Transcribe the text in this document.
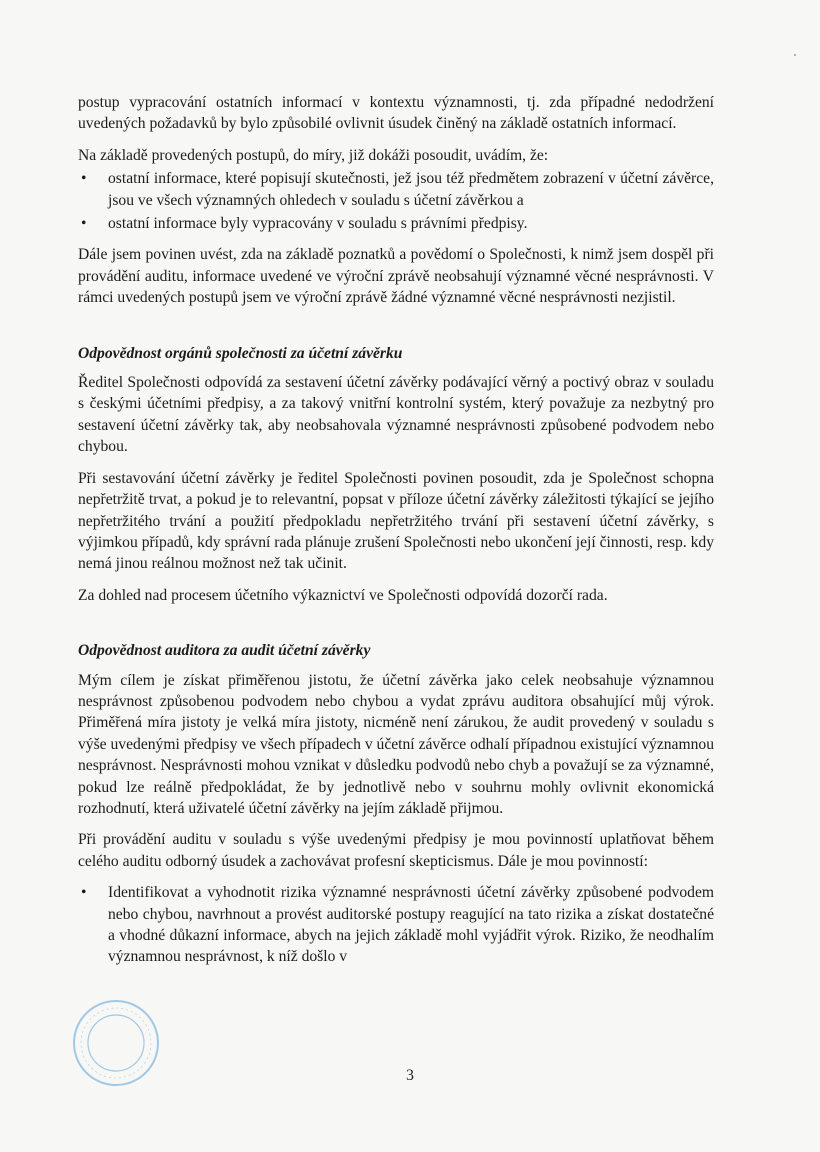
postup vypracování ostatních informací v kontextu významnosti, tj. zda případné nedodržení uvedených požadavků by bylo způsobilé ovlivnit úsudek činěný na základě ostatních informací.

Na základě provedených postupů, do míry, již dokáži posoudit, uvádím, že:

• ostatní informace, které popisují skutečnosti, jež jsou též předmětem zobrazení v účetní závěrce, jsou ve všech významných ohledech v souladu s účetní závěrkou a
• ostatní informace byly vypracovány v souladu s právními předpisy.

Dále jsem povinen uvést, zda na základě poznatků a povědomí o Společnosti, k nimž jsem dospěl při provádění auditu, informace uvedené ve výroční zprávě neobsahují významné věcné nesprávnosti. V rámci uvedených postupů jsem ve výroční zprávě žádné významné věcné nesprávnosti nezjistil.

Odpovědnost orgánů společnosti za účetní závěrku

Ředitel Společnosti odpovídá za sestavení účetní závěrky podávající věrný a poctivý obraz v souladu s českými účetními předpisy, a za takový vnitřní kontrolní systém, který považuje za nezbytný pro sestavení účetní závěrky tak, aby neobsahovala významné nesprávnosti způsobené podvodem nebo chybou.

Při sestavování účetní závěrky je ředitel Společnosti povinen posoudit, zda je Společnost schopna nepřetržitě trvat, a pokud je to relevantní, popsat v příloze účetní závěrky záležitosti týkající se jejího nepřetržitého trvání a použití předpokladu nepřetržitého trvání při sestavení účetní závěrky, s výjimkou případů, kdy správní rada plánuje zrušení Společnosti nebo ukončení její činnosti, resp. kdy nemá jinou reálnou možnost než tak učinit.

Za dohled nad procesem účetního výkaznictví ve Společnosti odpovídá dozorčí rada.

Odpovědnost auditora za audit účetní závěrky

Mým cílem je získat přiměřenou jistotu, že účetní závěrka jako celek neobsahuje významnou nesprávnost způsobenou podvodem nebo chybou a vydat zprávu auditora obsahující můj výrok. Přiměřená míra jistoty je velká míra jistoty, nicméně není zárukou, že audit provedený v souladu s výše uvedenými předpisy ve všech případech v účetní závěrce odhalí případnou existující významnou nesprávnost. Nesprávnosti mohou vznikat v důsledku podvodů nebo chyb a považují se za významné, pokud lze reálně předpokládat, že by jednotlivě nebo v souhrnu mohly ovlivnit ekonomická rozhodnutí, která uživatelé účetní závěrky na jejím základě přijmou.

Při provádění auditu v souladu s výše uvedenými předpisy je mou povinností uplatňovat během celého auditu odborný úsudek a zachovávat profesní skepticismus. Dále je mou povinností:

• Identifikovat a vyhodnotit rizika významné nesprávnosti účetní závěrky způsobené podvodem nebo chybou, navrhnout a provést auditorské postupy reagující na tato rizika a získat dostatečné a vhodné důkazní informace, abych na jejich základě mohl vyjádřit výrok. Riziko, že neodhalím významnou nesprávnost, k níž došlo v
3
